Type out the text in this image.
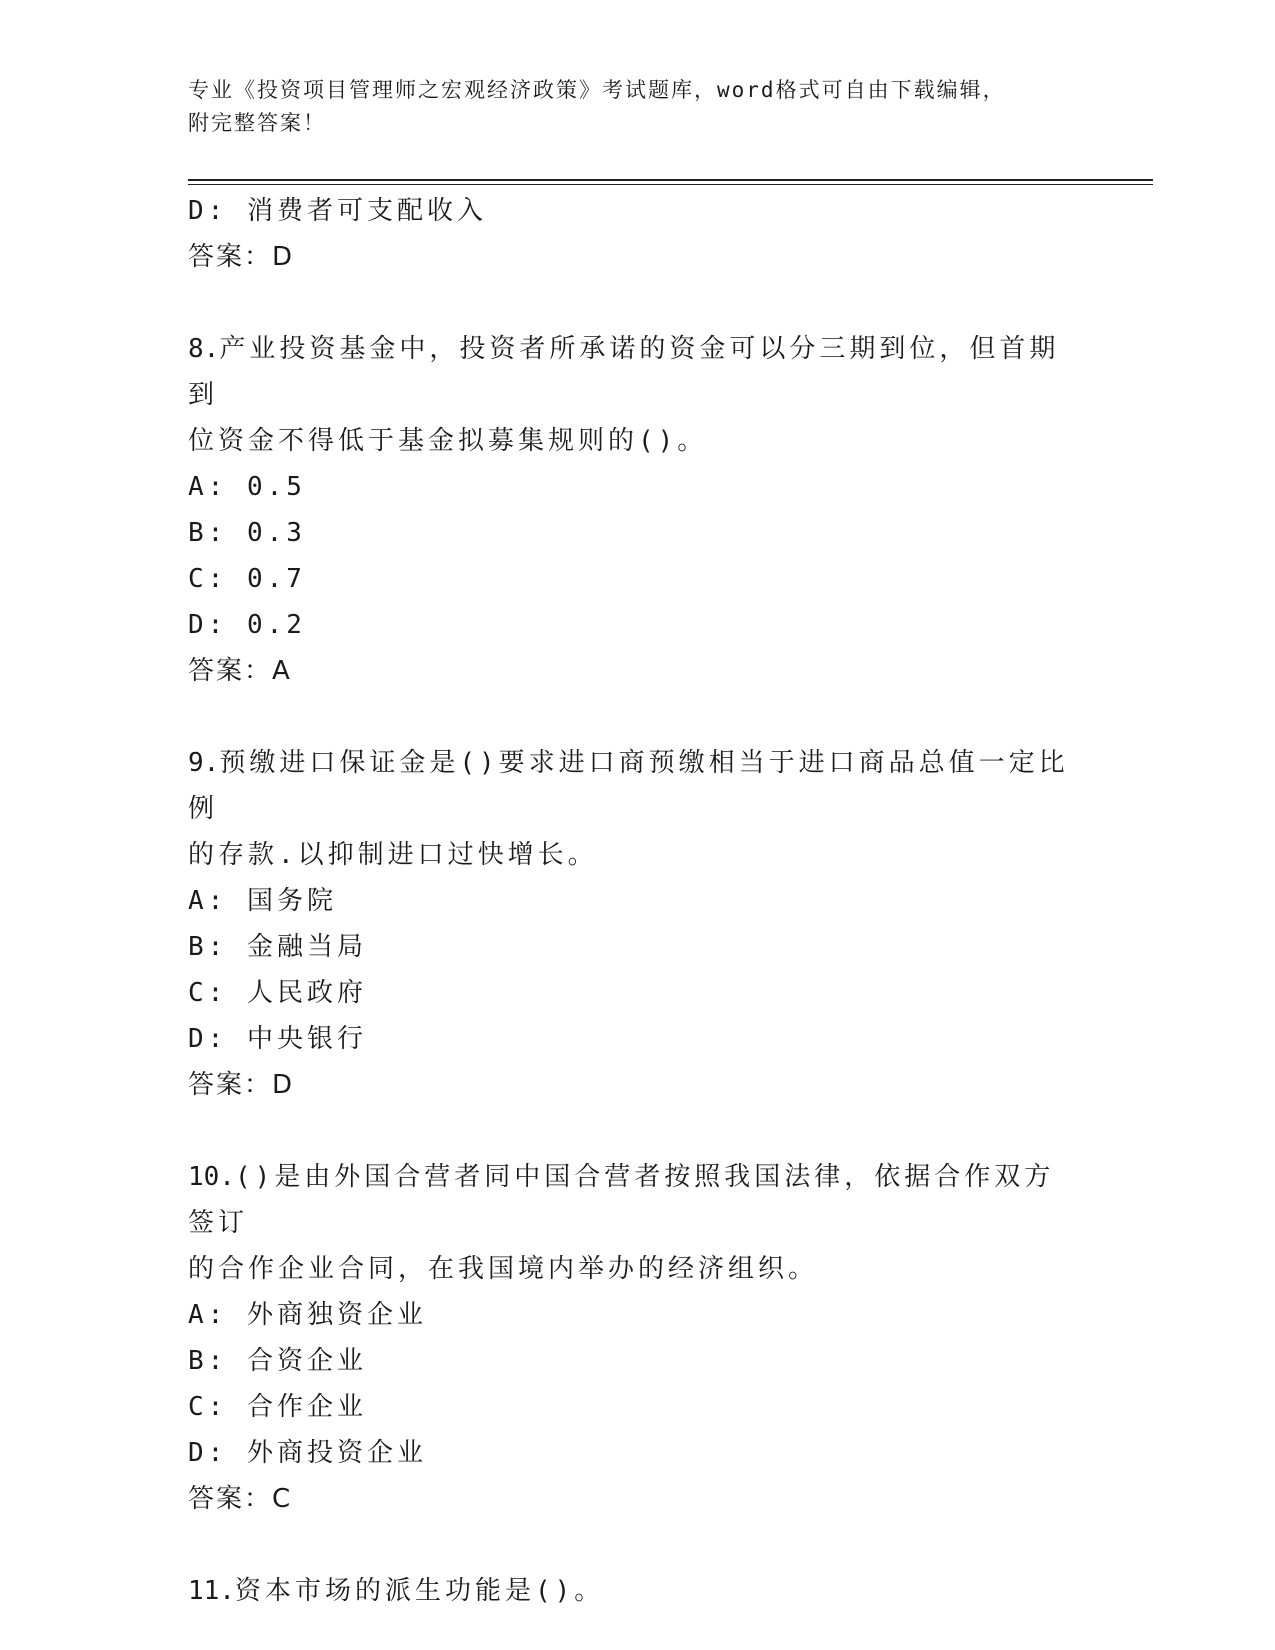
专业《投资项目管理师之宏观经济政策》考试题库，word格式可自由下载编辑，
附完整答案！
D: 消费者可支配收入
答案：D
8.产业投资基金中，投资者所承诺的资金可以分三期到位，但首期到
位资金不得低于基金拟募集规则的()。
A: 0.5
B: 0.3
C: 0.7
D: 0.2
答案：A
9.预缴进口保证金是()要求进口商预缴相当于进口商品总值一定比例
的存款.以抑制进口过快增长。
A: 国务院
B: 金融当局
C: 人民政府
D: 中央银行
答案：D
10.()是由外国合营者同中国合营者按照我国法律，依据合作双方签订
的合作企业合同，在我国境内举办的经济组织。
A: 外商独资企业
B: 合资企业
C: 合作企业
D: 外商投资企业
答案：C
11.资本市场的派生功能是()。
